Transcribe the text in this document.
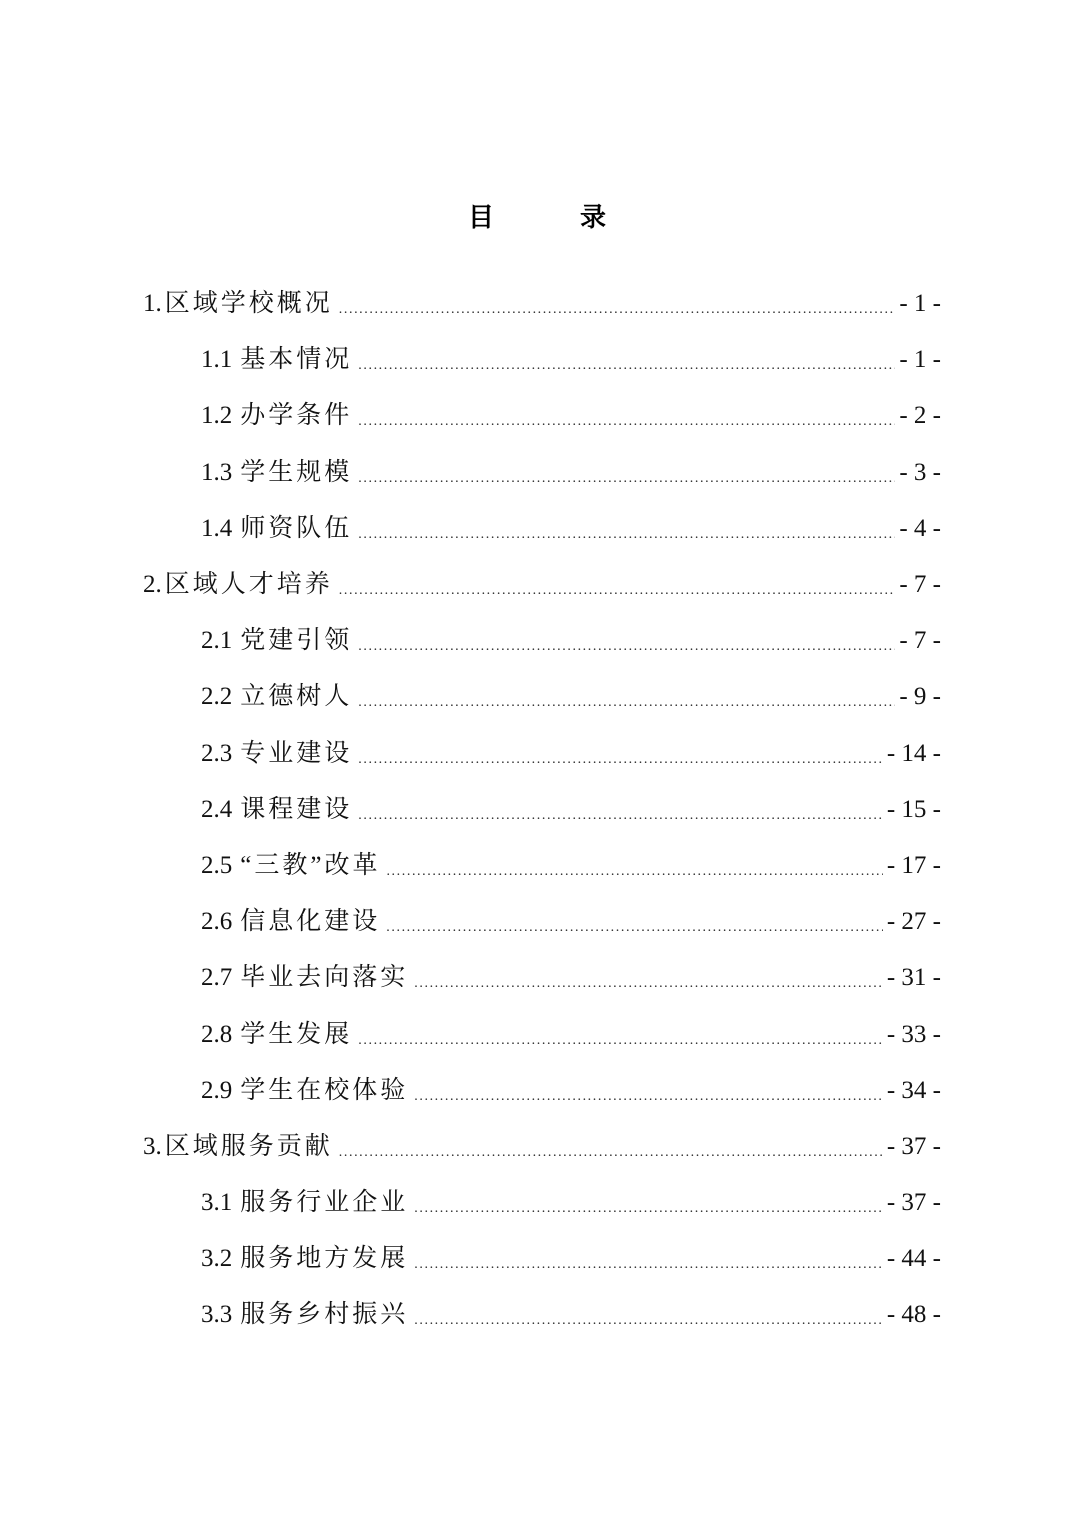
目　录
1. 区域学校概况 .....	- 1 -
1.1 基本情况 .....	- 1 -
1.2 办学条件 .....	- 2 -
1.3 学生规模 .....	- 3 -
1.4 师资队伍 .....	- 4 -
2. 区域人才培养 .....	- 7 -
2.1 党建引领 .....	- 7 -
2.2 立德树人 .....	- 9 -
2.3 专业建设 .....	- 14 -
2.4 课程建设 .....	- 15 -
2.5 “三教”改革 .....	- 17 -
2.6 信息化建设 .....	- 27 -
2.7 毕业去向落实 .....	- 31 -
2.8 学生发展 .....	- 33 -
2.9 学生在校体验 .....	- 34 -
3. 区域服务贡献 .....	- 37 -
3.1 服务行业企业 .....	- 37 -
3.2 服务地方发展 .....	- 44 -
3.3 服务乡村振兴 .....	- 48 -
